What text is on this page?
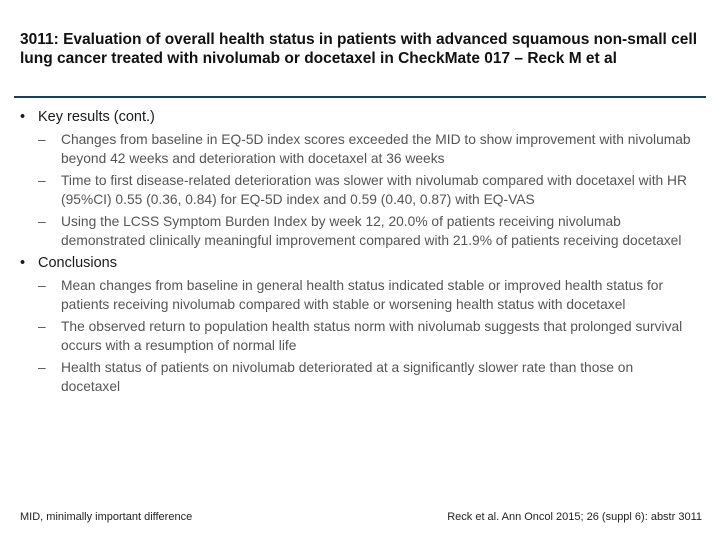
3011: Evaluation of overall health status in patients with advanced squamous non-small cell lung cancer treated with nivolumab or docetaxel in CheckMate 017 – Reck M et al
• Key results (cont.)
–	Changes from baseline in EQ-5D index scores exceeded the MID to show improvement with nivolumab beyond 42 weeks and deterioration with docetaxel at 36 weeks
–	Time to first disease-related deterioration was slower with nivolumab compared with docetaxel with HR (95%CI) 0.55 (0.36, 0.84) for EQ-5D index and 0.59 (0.40, 0.87) with EQ-VAS
–	Using the LCSS Symptom Burden Index by week 12, 20.0% of patients receiving nivolumab demonstrated clinically meaningful improvement compared with 21.9% of patients receiving docetaxel
• Conclusions
–	Mean changes from baseline in general health status indicated stable or improved health status for patients receiving nivolumab compared with stable or worsening health status with docetaxel
–	The observed return to population health status norm with nivolumab suggests that prolonged survival occurs with a resumption of normal life
–	Health status of patients on nivolumab deteriorated at a significantly slower rate than those on docetaxel
MID, minimally important difference	Reck et al. Ann Oncol 2015; 26 (suppl 6): abstr 3011
